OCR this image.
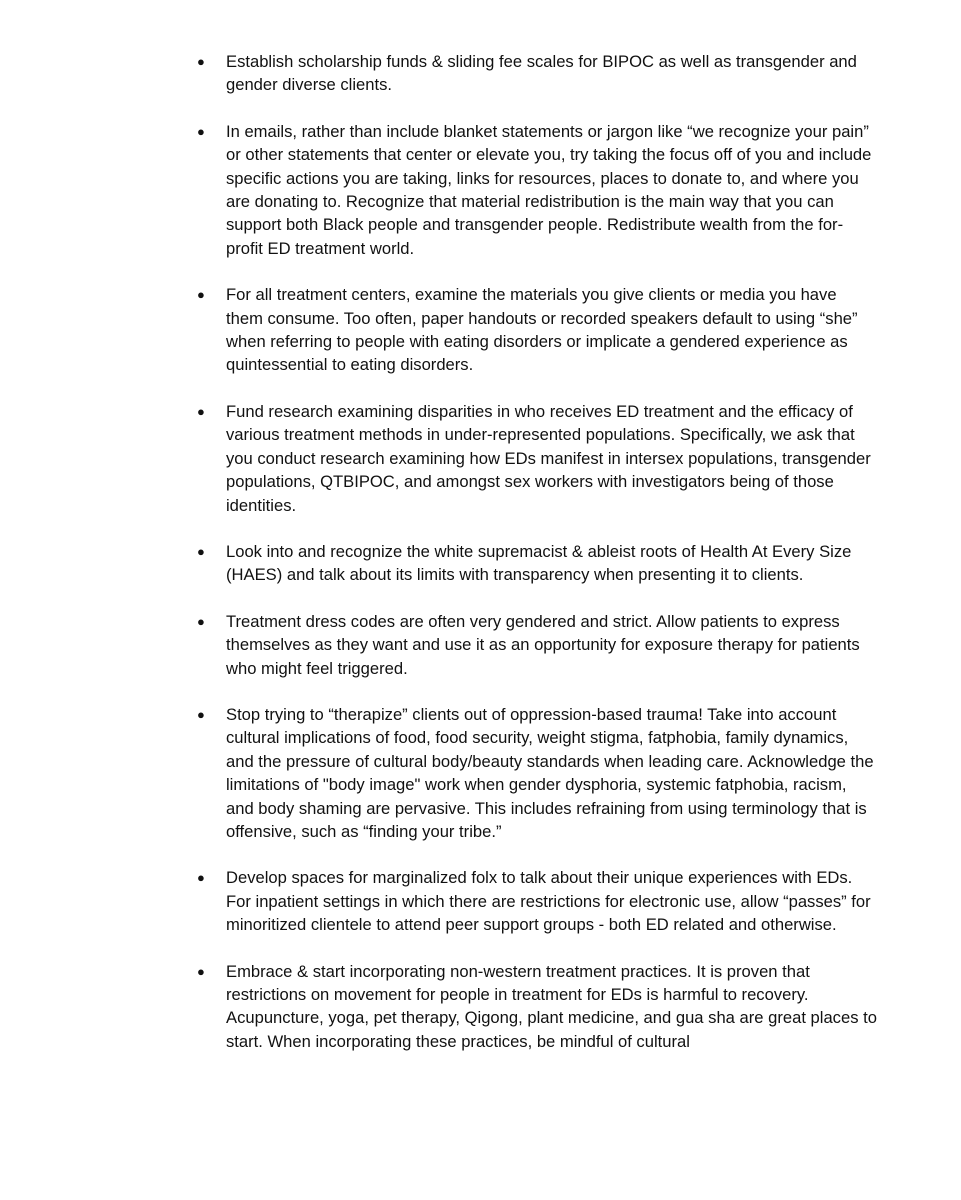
● Establish scholarship funds & sliding fee scales for BIPOC as well as transgender and gender diverse clients.
● In emails, rather than include blanket statements or jargon like “we recognize your pain” or other statements that center or elevate you, try taking the focus off of you and include specific actions you are taking, links for resources, places to donate to, and where you are donating to. Recognize that material redistribution is the main way that you can support both Black people and transgender people. Redistribute wealth from the for-profit ED treatment world.
● For all treatment centers, examine the materials you give clients or media you have them consume. Too often, paper handouts or recorded speakers default to using “she” when referring to people with eating disorders or implicate a gendered experience as quintessential to eating disorders.
● Fund research examining disparities in who receives ED treatment and the efficacy of various treatment methods in under-represented populations. Specifically, we ask that you conduct research examining how EDs manifest in intersex populations, transgender populations, QTBIPOC, and amongst sex workers with investigators being of those identities.
● Look into and recognize the white supremacist & ableist roots of Health At Every Size (HAES) and talk about its limits with transparency when presenting it to clients.
● Treatment dress codes are often very gendered and strict. Allow patients to express themselves as they want and use it as an opportunity for exposure therapy for patients who might feel triggered.
● Stop trying to “therapize” clients out of oppression-based trauma! Take into account cultural implications of food, food security, weight stigma, fatphobia, family dynamics, and the pressure of cultural body/beauty standards when leading care. Acknowledge the limitations of "body image" work when gender dysphoria, systemic fatphobia, racism, and body shaming are pervasive. This includes refraining from using terminology that is offensive, such as “finding your tribe.”
● Develop spaces for marginalized folx to talk about their unique experiences with EDs. For inpatient settings in which there are restrictions for electronic use, allow “passes” for minoritized clientele to attend peer support groups - both ED related and otherwise.
● Embrace & start incorporating non-western treatment practices. It is proven that restrictions on movement for people in treatment for EDs is harmful to recovery. Acupuncture, yoga, pet therapy, Qigong, plant medicine, and gua sha are great places to start. When incorporating these practices, be mindful of cultural
